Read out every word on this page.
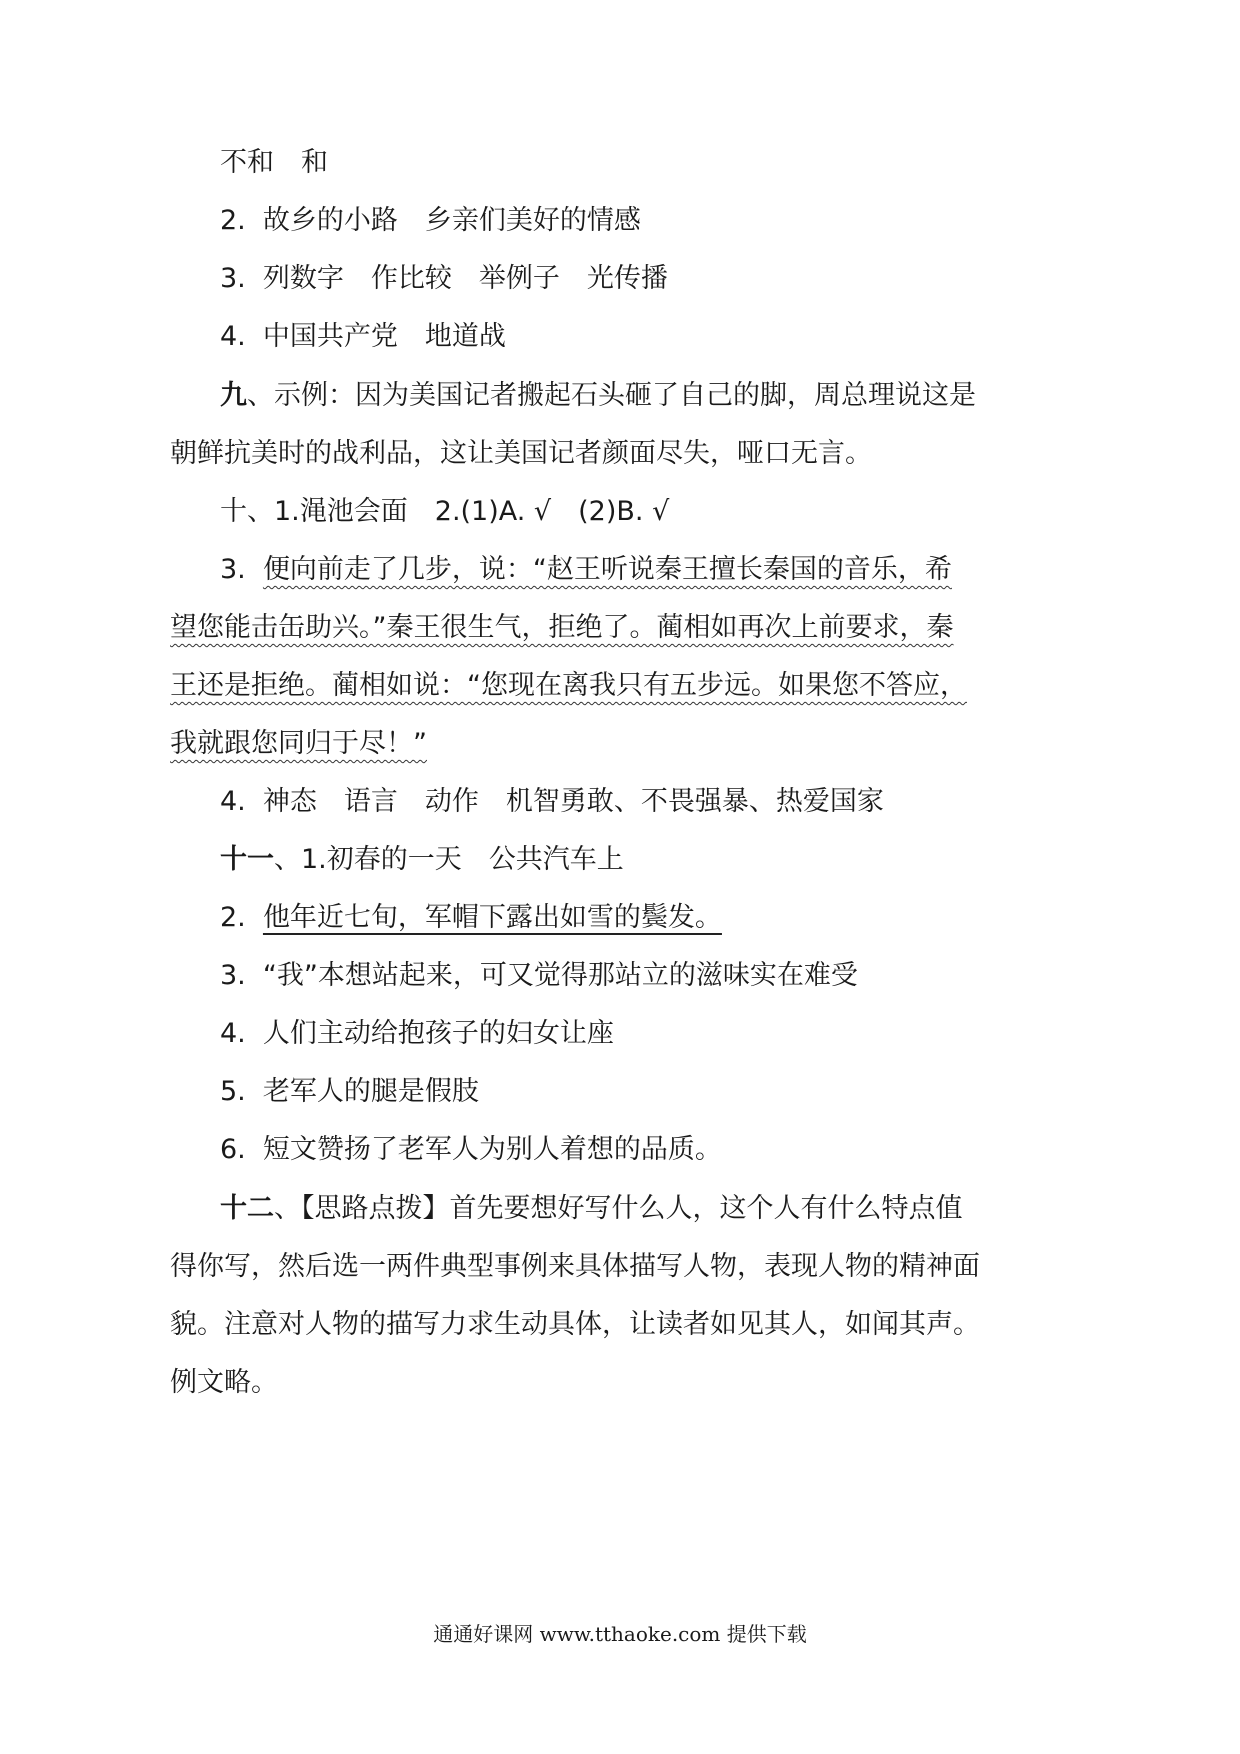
不和　和
2.  故乡的小路　乡亲们美好的情感
3.  列数字　作比较　举例子　光传播
4.  中国共产党　地道战
九、示例：因为美国记者搬起石头砸了自己的脚，周总理说这是
朝鲜抗美时的战利品，这让美国记者颜面尽失，哑口无言。
十、1.渑池会面　2.(1)A. √　(2)B. √
3.  便向前走了几步，说：“赵王听说秦王擅长秦国的音乐，希
望您能击缶助兴。”秦王很生气，拒绝了。蔺相如再次上前要求，秦
王还是拒绝。蔺相如说：“您现在离我只有五步远。如果您不答应，
我就跟您同归于尽！”
4.  神态　语言　动作　机智勇敢、不畏强暴、热爱国家
十一、1.初春的一天　公共汽车上
2.  他年近七旬，军帽下露出如雪的鬓发。
3.  “我”本想站起来，可又觉得那站立的滋味实在难受
4.  人们主动给抱孩子的妇女让座
5.  老军人的腿是假肢
6.  短文赞扬了老军人为别人着想的品质。
十二、【思路点拨】首先要想好写什么人，这个人有什么特点值
得你写，然后选一两件典型事例来具体描写人物，表现人物的精神面
貌。注意对人物的描写力求生动具体，让读者如见其人，如闻其声。
例文略。
通通好课网 www.tthaoke.com 提供下载
